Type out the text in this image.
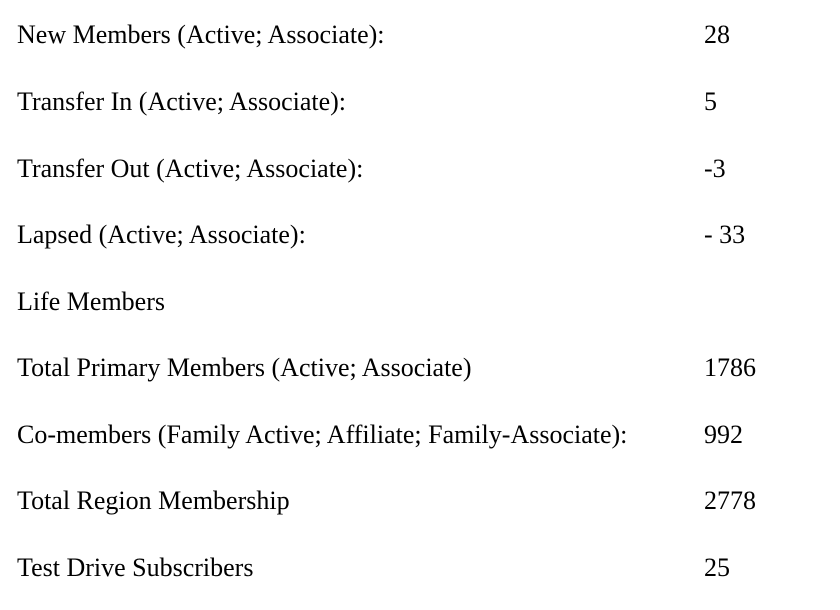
New Members (Active; Associate):	28
Transfer In (Active; Associate):	5
Transfer Out (Active; Associate):	-3
Lapsed (Active; Associate):	- 33
Life Members
Total Primary Members (Active; Associate)	1786
Co-members (Family Active; Affiliate; Family-Associate):	992
Total Region Membership	2778
Test Drive Subscribers	25
